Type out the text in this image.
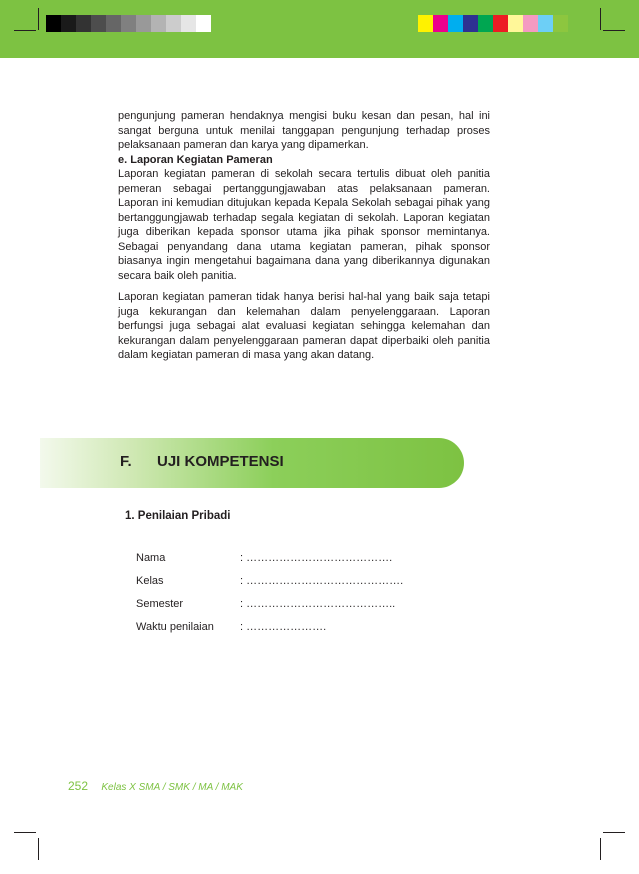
pengunjung pameran hendaknya mengisi buku kesan dan pesan, hal ini sangat berguna untuk menilai tanggapan pengunjung terhadap proses pelaksanaan pameran dan karya yang dipamerkan.

e. Laporan Kegiatan Pameran

Laporan kegiatan pameran di sekolah secara tertulis dibuat oleh panitia pemeran sebagai pertanggungjawaban atas pelaksanaan pameran. Laporan ini kemudian ditujukan kepada Kepala Sekolah sebagai pihak yang bertanggungjawab terhadap segala kegiatan di sekolah. Laporan kegiatan juga diberikan kepada sponsor utama jika pihak sponsor memintanya. Sebagai penyandang dana utama kegiatan pameran, pihak sponsor biasanya ingin mengetahui bagaimana dana yang diberikannya digunakan secara baik oleh panitia.

Laporan kegiatan pameran tidak hanya berisi hal-hal yang baik saja tetapi juga kekurangan dan kelemahan dalam penyelenggaraan. Laporan berfungsi juga sebagai alat evaluasi kegiatan sehingga kelemahan dan kekurangan dalam penyelenggaraan pameran dapat diperbaiki oleh panitia dalam kegiatan pameran di masa yang akan datang.

F. UJI KOMPETENSI
1. Penilaian Pribadi
Nama	: ………………………………….
Kelas	: …………………………………….
Semester	: …………………………………..
Waktu penilaian : ………………….
252 Kelas X SMA / SMK / MA / MAK
